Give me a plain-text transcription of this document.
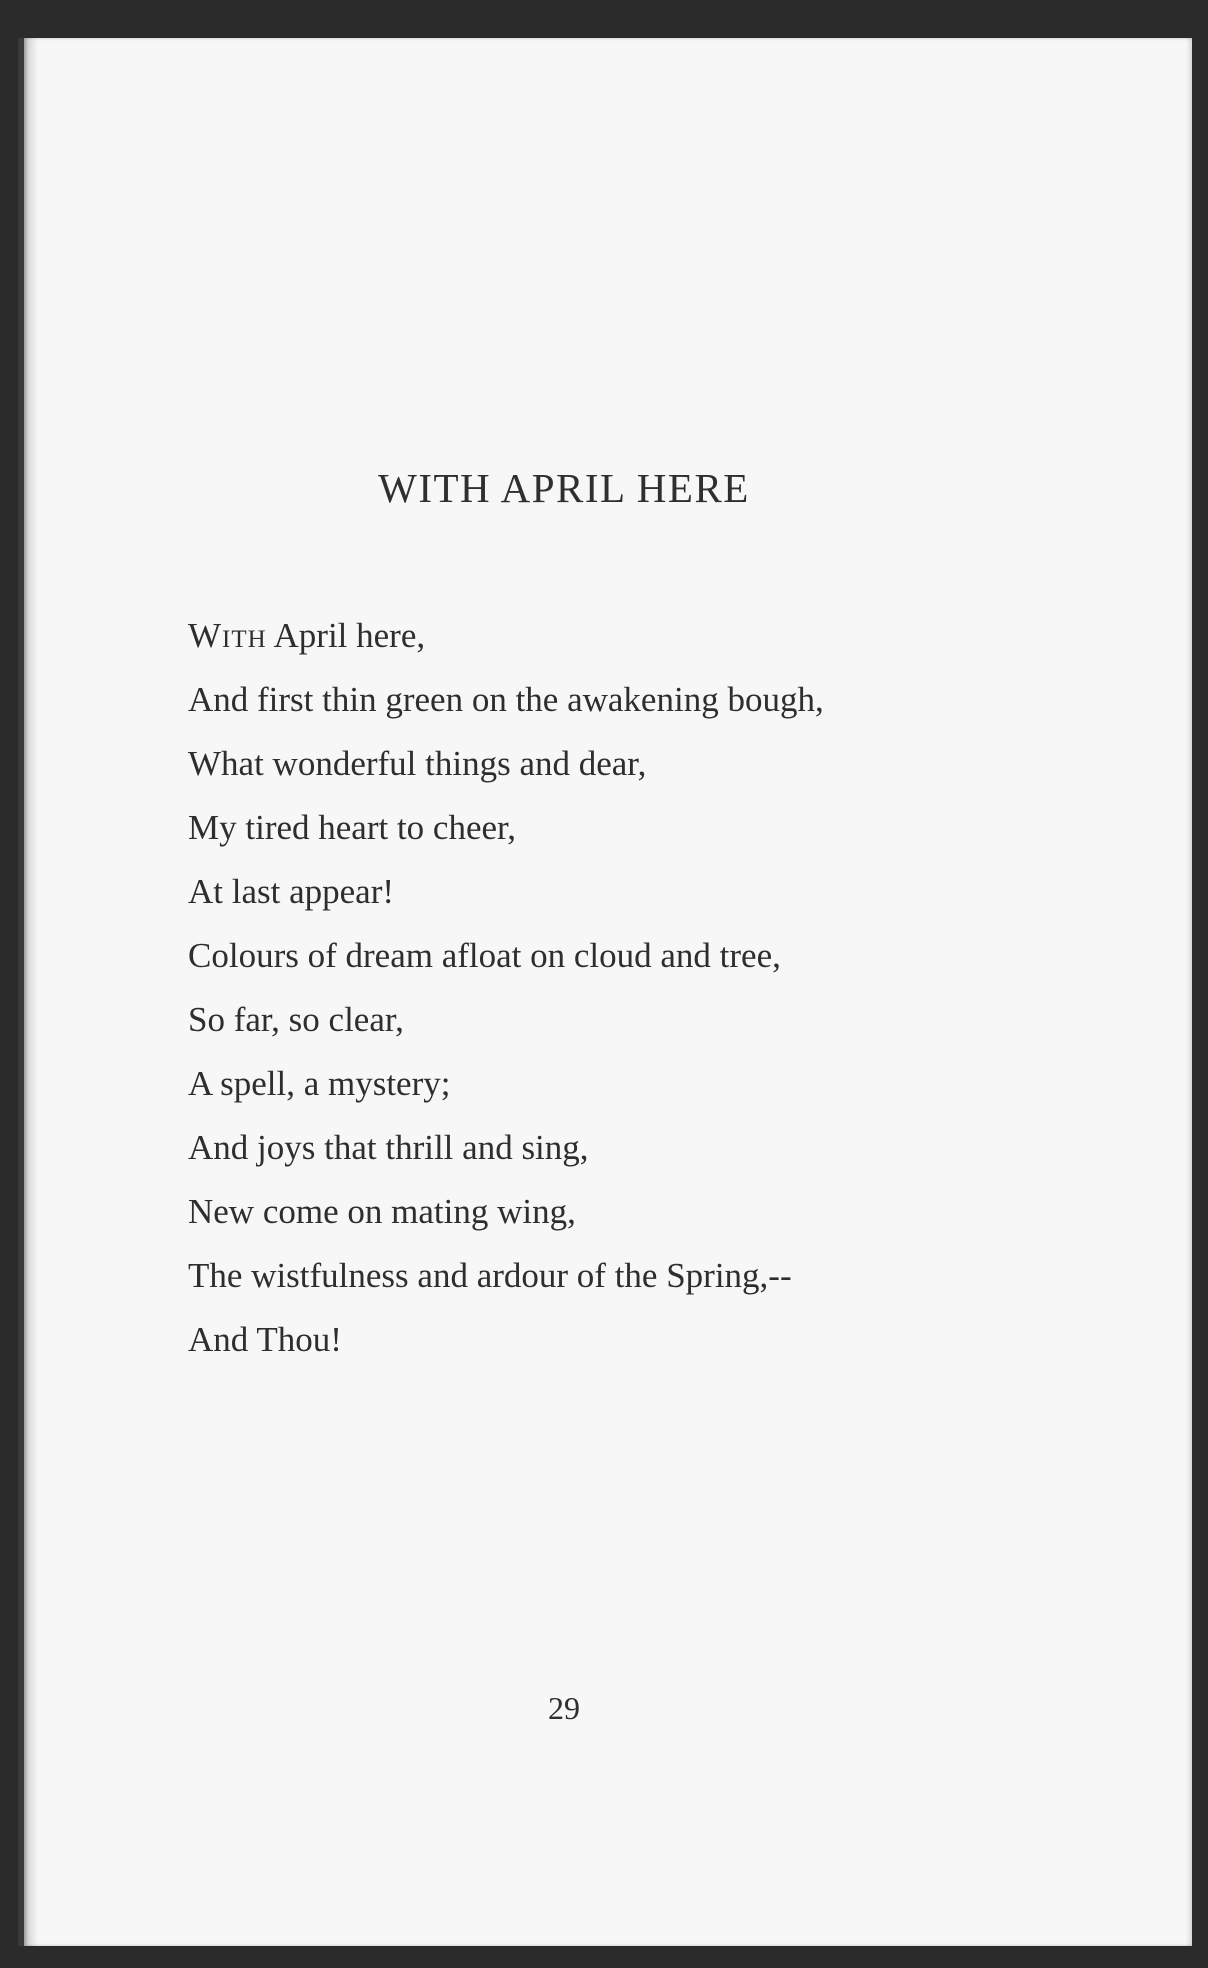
WITH APRIL HERE
With April here,
And first thin green on the awakening bough,
What wonderful things and dear,
My tired heart to cheer,
At last appear!
Colours of dream afloat on cloud and tree,
So far, so clear,
A spell, a mystery;
And joys that thrill and sing,
New come on mating wing,
The wistfulness and ardour of the Spring,--
And Thou!
29
